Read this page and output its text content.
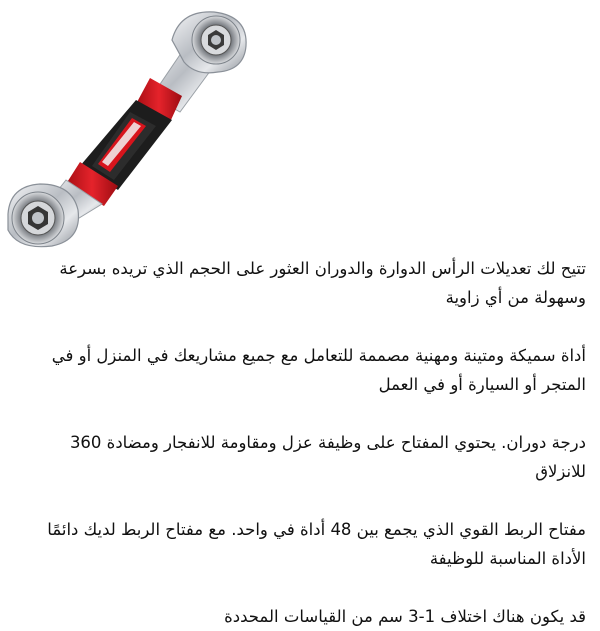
تتيح لك تعديلات الرأس الدوارة والدوران العثور على الحجم الذي تريده بسرعة وسهولة من أي زاوية

أداة سميكة ومتينة ومهنية مصممة للتعامل مع جميع مشاريعك في المنزل أو في المتجر أو السيارة أو في العمل

درجة دوران. يحتوي المفتاح على وظيفة عزل ومقاومة للانفجار ومضادة 360 للانزلاق

مفتاح الربط القوي الذي يجمع بين 48 أداة في واحد. مع مفتاح الربط لديك دائمًا الأداة المناسبة للوظيفة

قد يكون هناك اختلاف 1-3 سم من القياسات المحددة
